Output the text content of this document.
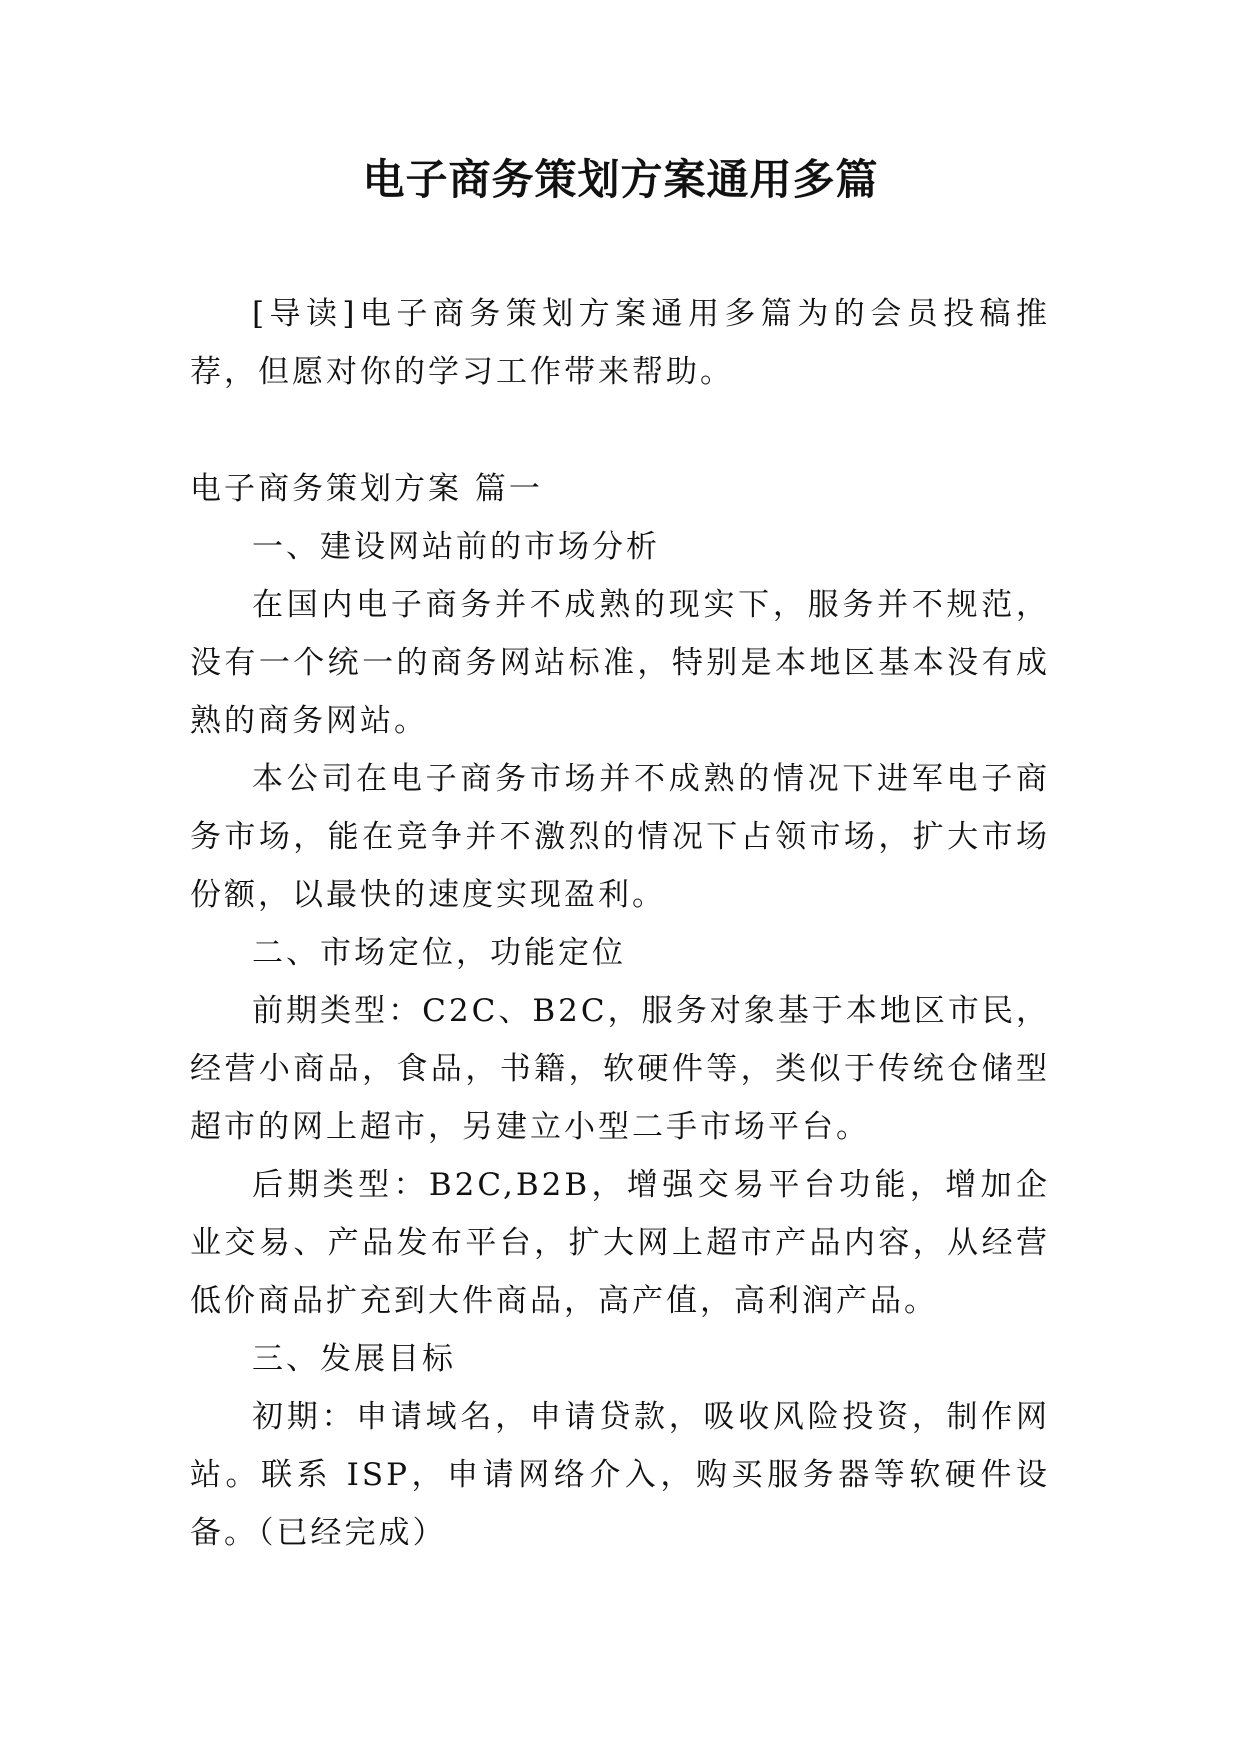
电子商务策划方案通用多篇

[导读]电子商务策划方案通用多篇为的会员投稿推荐，但愿对你的学习工作带来帮助。

电子商务策划方案 篇一

一、建设网站前的市场分析

在国内电子商务并不成熟的现实下，服务并不规范，没有一个统一的商务网站标准，特别是本地区基本没有成熟的商务网站。

本公司在电子商务市场并不成熟的情况下进军电子商务市场，能在竞争并不激烈的情况下占领市场，扩大市场份额，以最快的速度实现盈利。

二、市场定位，功能定位

前期类型：C2C、B2C，服务对象基于本地区市民，经营小商品，食品，书籍，软硬件等，类似于传统仓储型超市的网上超市，另建立小型二手市场平台。

后期类型：B2C,B2B，增强交易平台功能，增加企业交易、产品发布平台，扩大网上超市产品内容，从经营低价商品扩充到大件商品，高产值，高利润产品。

三、发展目标

初期：申请域名，申请贷款，吸收风险投资，制作网站。联系 ISP，申请网络介入，购买服务器等软硬件设备。（已经完成）
